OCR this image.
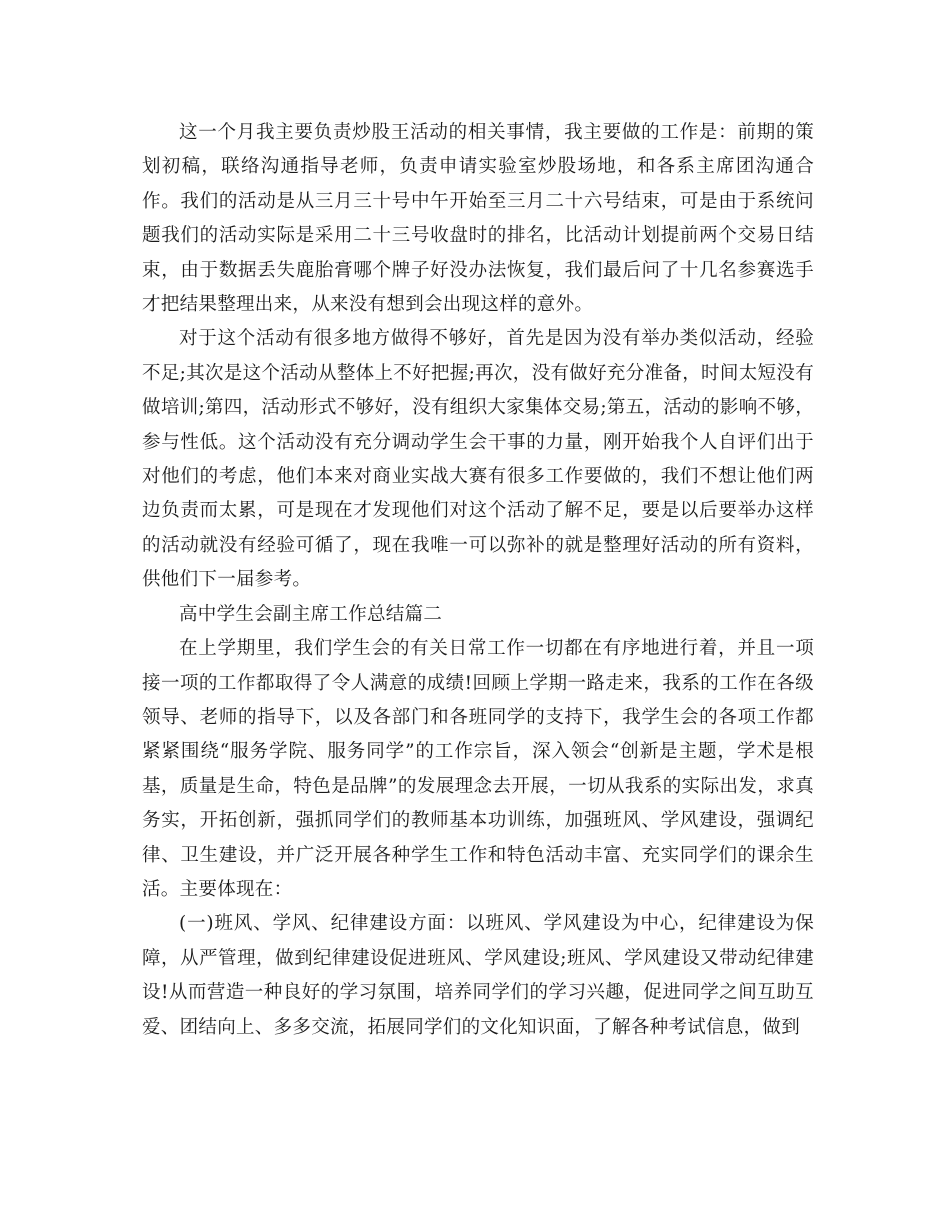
这一个月我主要负责炒股王活动的相关事情，我主要做的工作是：前期的策划初稿，联络沟通指导老师，负责申请实验室炒股场地，和各系主席团沟通合作。我们的活动是从三月三十号中午开始至三月二十六号结束，可是由于系统问题我们的活动实际是采用二十三号收盘时的排名，比活动计划提前两个交易日结束，由于数据丢失鹿胎膏哪个牌子好没办法恢复，我们最后问了十几名参赛选手才把结果整理出来，从来没有想到会出现这样的意外。

对于这个活动有很多地方做得不够好，首先是因为没有举办类似活动，经验不足;其次是这个活动从整体上不好把握;再次，没有做好充分准备，时间太短没有做培训;第四，活动形式不够好，没有组织大家集体交易;第五，活动的影响不够，参与性低。这个活动没有充分调动学生会干事的力量，刚开始我个人自评们出于对他们的考虑，他们本来对商业实战大赛有很多工作要做的，我们不想让他们两边负责而太累，可是现在才发现他们对这个活动了解不足，要是以后要举办这样的活动就没有经验可循了，现在我唯一可以弥补的就是整理好活动的所有资料，供他们下一届参考。

高中学生会副主席工作总结篇二

在上学期里，我们学生会的有关日常工作一切都在有序地进行着，并且一项接一项的工作都取得了令人满意的成绩!回顾上学期一路走来，我系的工作在各级领导、老师的指导下，以及各部门和各班同学的支持下，我学生会的各项工作都紧紧围绕“服务学院、服务同学”的工作宗旨，深入领会“创新是主题，学术是根基，质量是生命，特色是品牌”的发展理念去开展，一切从我系的实际出发，求真务实，开拓创新，强抓同学们的教师基本功训练，加强班风、学风建设，强调纪律、卫生建设，并广泛开展各种学生工作和特色活动丰富、充实同学们的课余生活。主要体现在：

(一)班风、学风、纪律建设方面：以班风、学风建设为中心，纪律建设为保障，从严管理，做到纪律建设促进班风、学风建设;班风、学风建设又带动纪律建设!从而营造一种良好的学习氛围，培养同学们的学习兴趣，促进同学之间互助互爱、团结向上、多多交流，拓展同学们的文化知识面，了解各种考试信息，做到
